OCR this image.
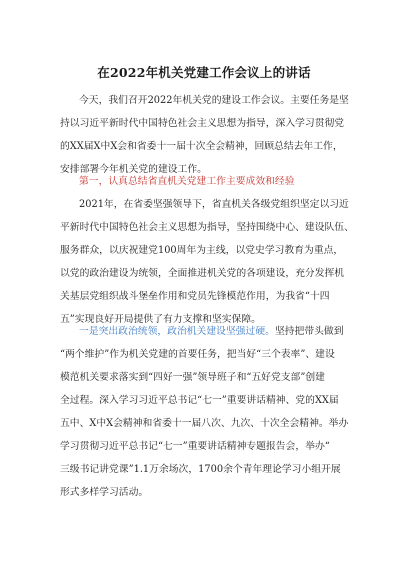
在2022年机关党建工作会议上的讲话
今天，我们召开2022年机关党的建设工作会议。主要任务是坚
持以习近平新时代中国特色社会主义思想为指导，深入学习贯彻党
的XX届X中X会和省委十一届十次全会精神，回顾总结去年工作，
安排部署今年机关党的建设工作。
第一，认真总结省直机关党建工作主要成效和经验
2021年，在省委坚强领导下，省直机关各级党组织坚定以习近
平新时代中国特色社会主义思想为指导，坚持围绕中心、建设队伍、
服务群众，以庆祝建党100周年为主线，以党史学习教育为重点，
以党的政治建设为统领，全面推进机关党的各项建设，充分发挥机
关基层党组织战斗堡垒作用和党员先锋模范作用，为我省“十四
五”实现良好开局提供了有力支撑和坚实保障。
一是突出政治统领，政治机关建设坚强过硬。坚持把带头做到
“两个维护”作为机关党建的首要任务，把当好“三个表率”、建设
模范机关要求落实到“四好一强”领导班子和“五好党支部”创建
全过程。深入学习习近平总书记“七一”重要讲话精神、党的XX届
五中、X中X会精神和省委十一届八次、九次、十次全会精神。举办
学习贯彻习近平总书记“七一”重要讲话精神专题报告会，举办“
三级书记讲党课”1.1万余场次，1700余个青年理论学习小组开展
形式多样学习活动。
